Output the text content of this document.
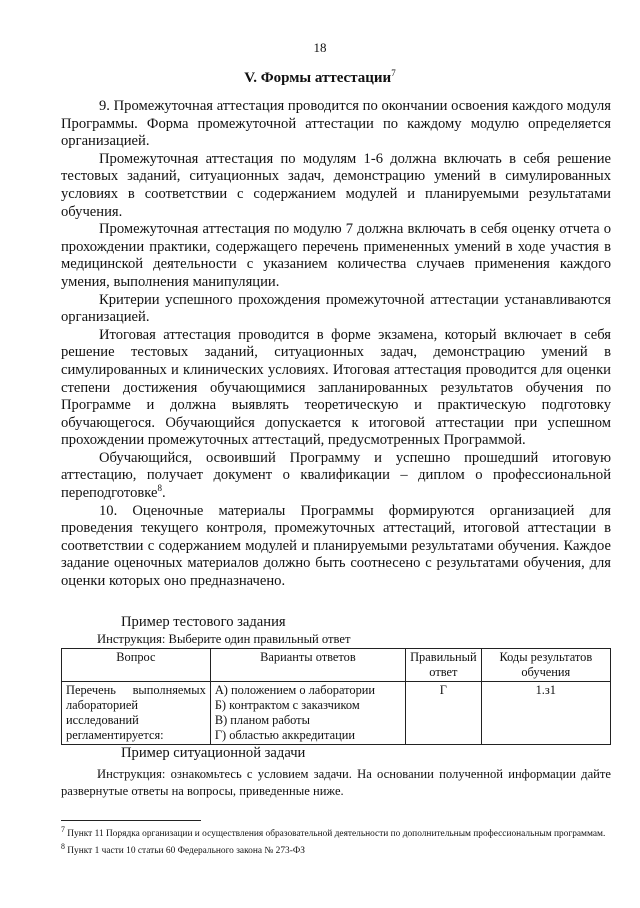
18
V. Формы аттестации$^7$

9. Промежуточная аттестация проводится по окончании освоения каждого модуля Программы. Форма промежуточной аттестации по каждому модулю определяется организацией.

Промежуточная аттестация по модулям 1-6 должна включать в себя решение тестовых заданий, ситуационных задач, демонстрацию умений в симулированных условиях в соответствии с содержанием модулей и планируемыми результатами обучения.

Промежуточная аттестация по модулю 7 должна включать в себя оценку отчета о прохождении практики, содержащего перечень примененных умений в ходе участия в медицинской деятельности с указанием количества случаев применения каждого умения, выполнения манипуляции.

Критерии успешного прохождения промежуточной аттестации устанавливаются организацией.

Итоговая аттестация проводится в форме экзамена, который включает в себя решение тестовых заданий, ситуационных задач, демонстрацию умений в симулированных и клинических условиях. Итоговая аттестация проводится для оценки степени достижения обучающимися запланированных результатов обучения по Программе и должна выявлять теоретическую и практическую подготовку обучающегося. Обучающийся допускается к итоговой аттестации при успешном прохождении промежуточных аттестаций, предусмотренных Программой.

Обучающийся, освоивший Программу и успешно прошедший итоговую аттестацию, получает документ о квалификации – диплом о профессиональной переподготовке$^8$.

10. Оценочные материалы Программы формируются организацией для проведения текущего контроля, промежуточных аттестаций, итоговой аттестации в соответствии с содержанием модулей и планируемыми результатами обучения. Каждое задание оценочных материалов должно быть соотнесено с результатами обучения, для оценки которых оно предназначено.

Пример тестового задания
Инструкция: Выберите один правильный ответ
Вопрос	Варианты ответов	Правильный ответ	Коды результатов обучения
Перечень выполняемых лабораторией исследований регламентируется:	А) положением о лаборатории
Б) контрактом с заказчиком
В) планом работы
Г) областью аккредитации	Г	1.з1
Пример ситуационной задачи
Инструкция: ознакомьтесь с условием задачи. На основании полученной информации дайте развернутые ответы на вопросы, приведенные ниже.
$^7$ Пункт 11 Порядка организации и осуществления образовательной деятельности по дополнительным профессиональным программам.
$^8$ Пункт 1 части 10 статьи 60 Федерального закона № 273-ФЗ
